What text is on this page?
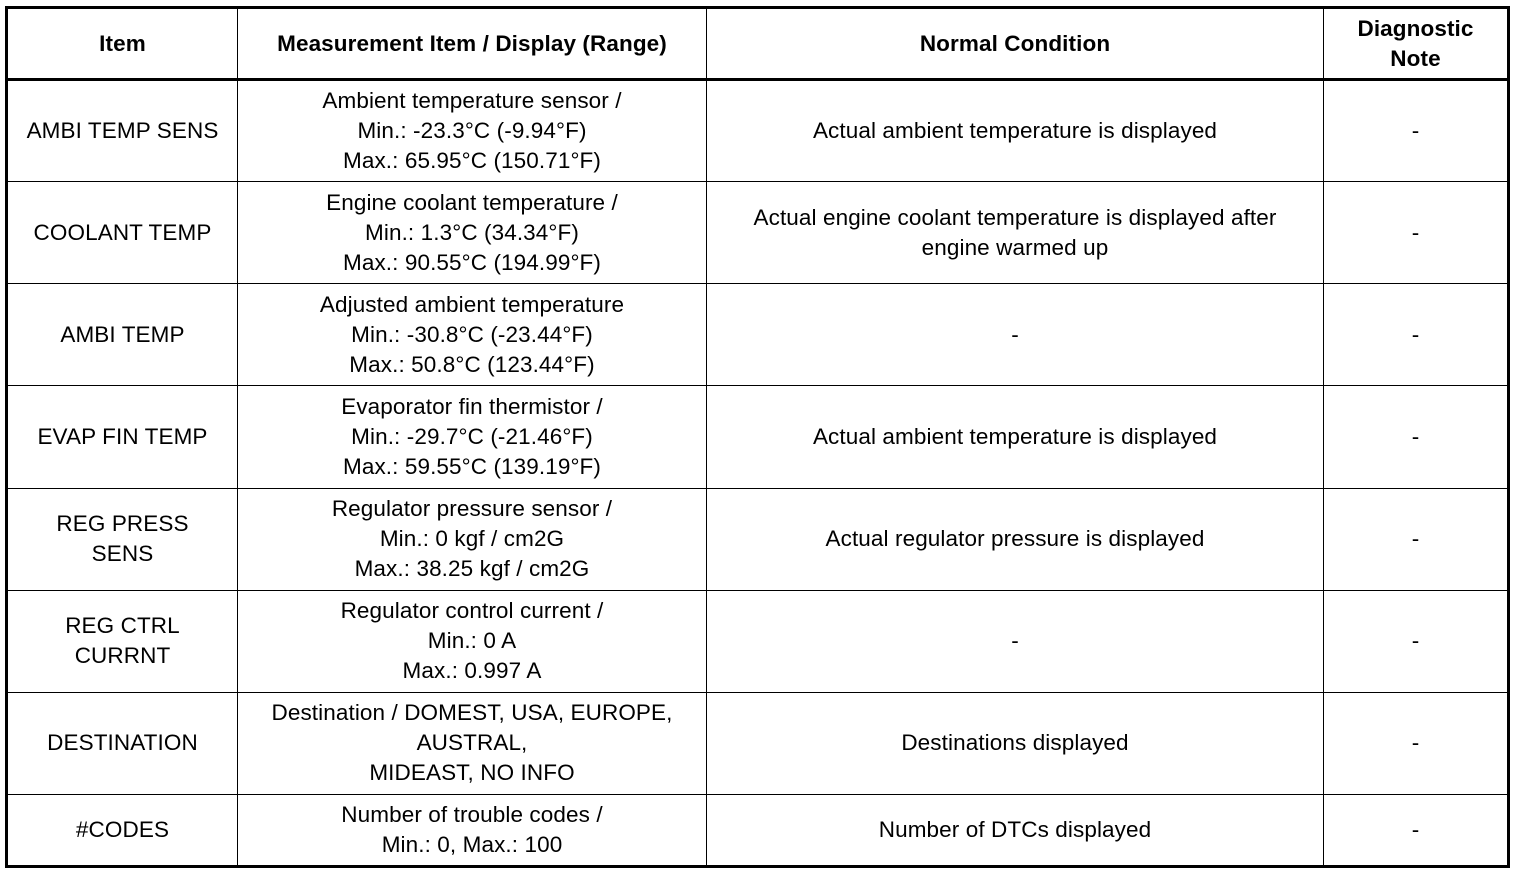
Item	Measurement Item / Display (Range)	Normal Condition	Diagnostic
Note
AMBI TEMP SENS	Ambient temperature sensor /
Min.: -23.3°C (-9.94°F)
Max.: 65.95°C (150.71°F)	Actual ambient temperature is displayed	-
COOLANT TEMP	Engine coolant temperature /
Min.: 1.3°C (34.34°F)
Max.: 90.55°C (194.99°F)	Actual engine coolant temperature is displayed after
engine warmed up	-
AMBI TEMP	Adjusted ambient temperature
Min.: -30.8°C (-23.44°F)
Max.: 50.8°C (123.44°F)	-	-
EVAP FIN TEMP	Evaporator fin thermistor /
Min.: -29.7°C (-21.46°F)
Max.: 59.55°C (139.19°F)	Actual ambient temperature is displayed	-
REG PRESS
SENS	Regulator pressure sensor /
Min.: 0 kgf / cm2G
Max.: 38.25 kgf / cm2G	Actual regulator pressure is displayed	-
REG CTRL
CURRNT	Regulator control current /
Min.: 0 A
Max.: 0.997 A	-	-
DESTINATION	Destination / DOMEST, USA, EUROPE,
AUSTRAL,
MIDEAST, NO INFO	Destinations displayed	-
#CODES	Number of trouble codes /
Min.: 0, Max.: 100	Number of DTCs displayed	-
